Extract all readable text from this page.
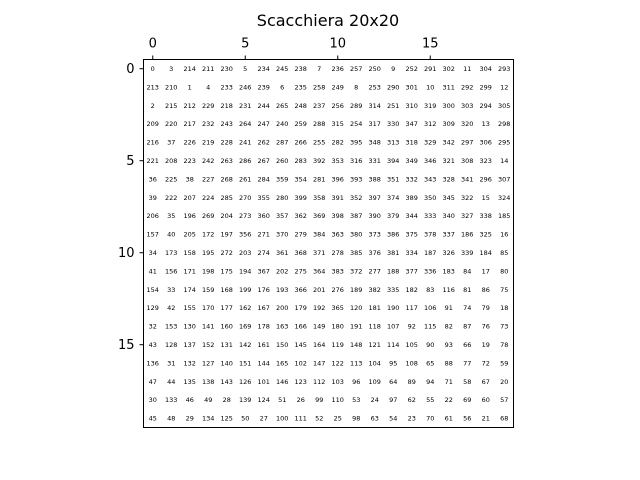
Scacchiera 20x20
0	5	10	15
0
5
10
15
0 3 214 211 230 5 234 245 238 7 236 257 250 9 252 291 302 11 304 293
213 210 1 4 233 246 239 6 235 258 249 8 253 290 301 10 311 292 299 12
2 215 212 229 218 231 244 265 248 237 256 289 314 251 310 319 300 303 294 305
209 220 217 232 243 264 247 240 259 288 315 254 317 330 347 312 309 320 13 298
216 37 226 219 228 241 262 287 266 255 282 395 348 313 318 329 342 297 306 295
221 208 223 242 263 286 267 260 283 392 353 316 331 394 349 346 321 308 323 14
36 225 38 227 268 261 284 359 354 281 396 393 388 351 332 343 328 341 296 307
39 222 207 224 285 270 355 280 399 358 391 352 397 374 389 350 345 322 15 324
206 35 196 269 204 273 360 357 362 369 398 387 390 379 344 333 340 327 338 185
157 40 205 172 197 356 271 370 279 384 363 380 373 386 375 378 337 186 325 16
34 173 158 195 272 203 274 361 368 371 278 385 376 381 334 187 326 339 184 85
41 156 171 198 175 194 367 202 275 364 383 372 277 188 377 336 183 84 17 80
154 33 174 159 168 199 176 193 366 201 276 189 382 335 182 83 116 81 86 75
129 42 155 170 177 162 167 200 179 192 365 120 181 190 117 106 91 74 79 18
32 153 130 141 160 169 178 163 166 149 180 191 118 107 92 115 82 87 76 73
43 128 137 152 131 142 161 150 145 164 119 148 121 114 105 90 93 66 19 78
136 31 132 127 140 151 144 165 102 147 122 113 104 95 108 65 88 77 72 59
47 44 135 138 143 126 101 146 123 112 103 96 109 64 89 94 71 58 67 20
30 133 46 49 28 139 124 51 26 99 110 53 24 97 62 55 22 69 60 57
45 48 29 134 125 50 27 100 111 52 25 98 63 54 23 70 61 56 21 68
